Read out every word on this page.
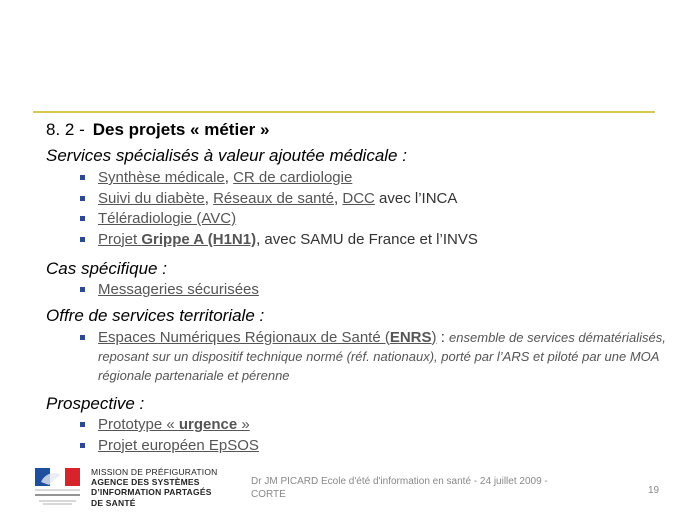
8. 2 - Des projets « métier »
Services spécialisés à valeur ajoutée médicale :
Synthèse médicale, CR de cardiologie
Suivi du diabète, Réseaux de santé, DCC avec l’INCA
Téléradiologie (AVC)
Projet Grippe A (H1N1), avec SAMU de France et l’INVS
Cas spécifique :
Messageries sécurisées
Offre de services territoriale :
Espaces Numériques Régionaux de Santé (ENRS) : ensemble de services dématérialisés, reposant sur un dispositif technique normé (réf. nationaux), porté par l’ARS et piloté par une MOA régionale partenariale et pérenne
Prospective :
Prototype « urgence »
Projet européen EpSOS
MISSION DE PRÉFIGURATION
AGENCE DES SYSTÈMES
D’INFORMATION PARTAGÉS
DE SANTÉ
Dr JM PICARD Ecole d'été d'information en santé - 24 juillet 2009 - CORTE	19
